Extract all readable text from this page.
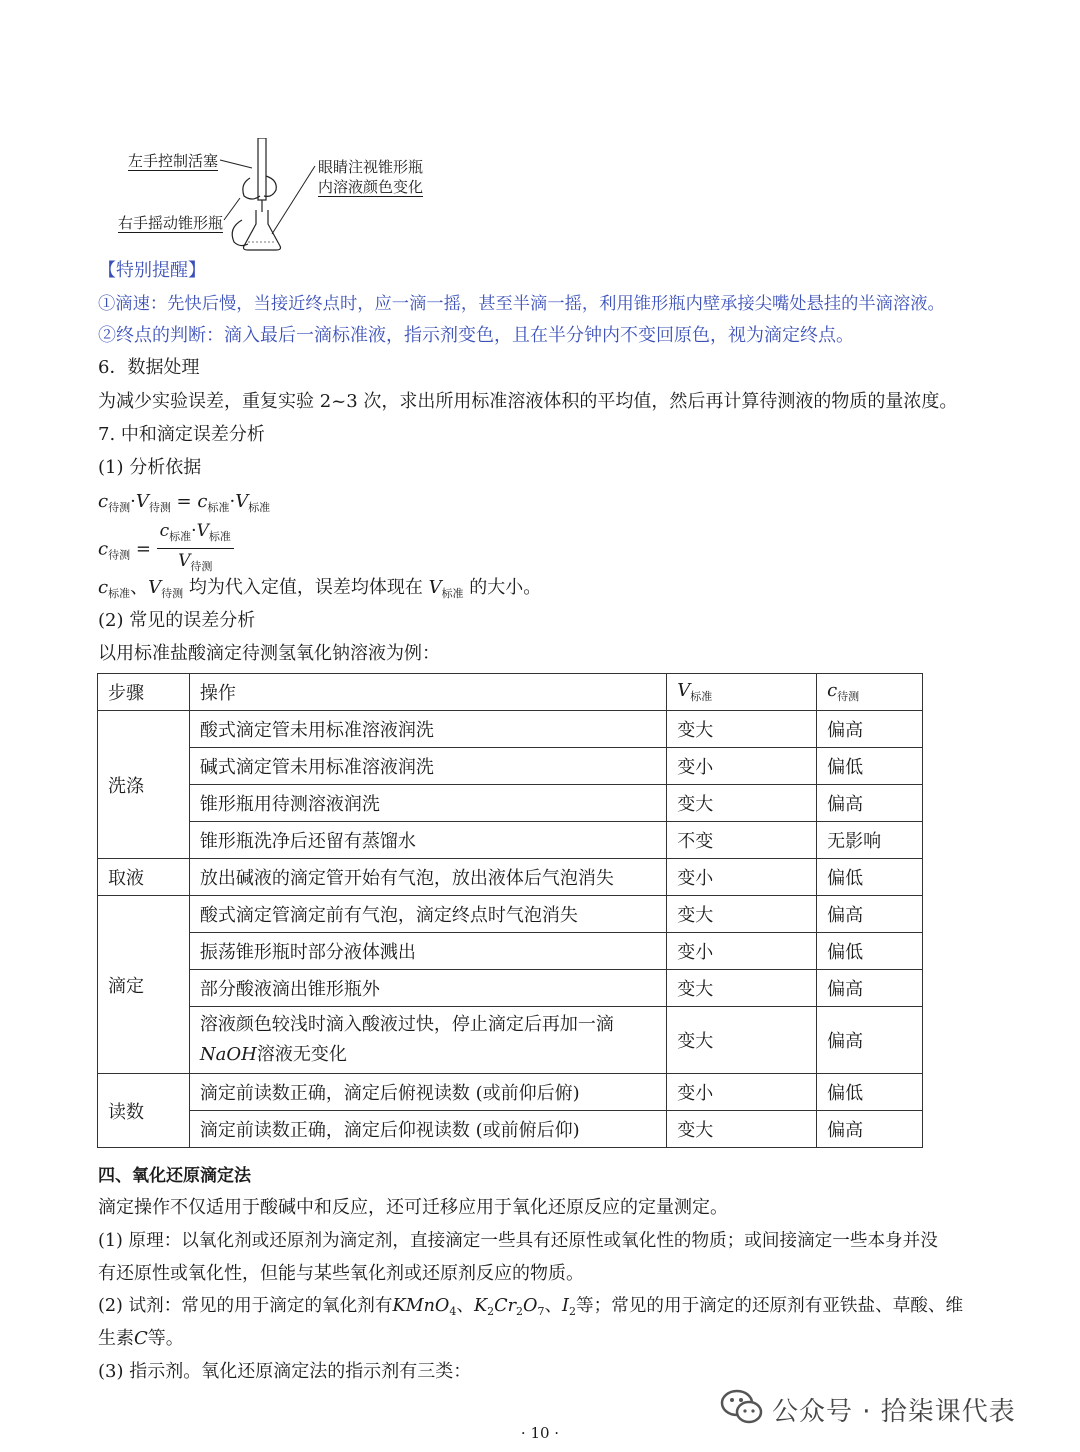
左手控制活塞
右手摇动锥形瓶
眼睛注视锥形瓶
内溶液颜色变化
【特别提醒】
①滴速：先快后慢，当接近终点时，应一滴一摇，甚至半滴一摇，利用锥形瓶内壁承接尖嘴处悬挂的半滴溶液。
②终点的判断：滴入最后一滴标准液，指示剂变色，且在半分钟内不变回原色，视为滴定终点。
6．数据处理
为减少实验误差，重复实验 2~3 次，求出所用标准溶液体积的平均值，然后再计算待测液的物质的量浓度。
7. 中和滴定误差分析
(1) 分析依据
$c_{待测}\cdot V_{待测} = c_{标准}\cdot V_{标准}$
$c_{待测} = \frac{c_{标准}\cdot V_{标准}}{V_{待测}}$
$c_{标准}$、$V_{待测}$ 均为代入定值，误差均体现在 $V_{标准}$ 的大小。
(2) 常见的误差分析
以用标准盐酸滴定待测氢氧化钠溶液为例：
步骤	操作	$V_{标准}$	$c_{待测}$
洗涤	酸式滴定管未用标准溶液润洗	变大	偏高
	碱式滴定管未用标准溶液润洗	变小	偏低
	锥形瓶用待测溶液润洗	变大	偏高
	锥形瓶洗净后还留有蒸馏水	不变	无影响
取液	放出碱液的滴定管开始有气泡，放出液体后气泡消失	变小	偏低
滴定	酸式滴定管滴定前有气泡，滴定终点时气泡消失	变大	偏高
	振荡锥形瓶时部分液体溅出	变小	偏低
	部分酸液滴出锥形瓶外	变大	偏高
	溶液颜色较浅时滴入酸液过快，停止滴定后再加一滴
NaOH溶液无变化	变大	偏高
读数	滴定前读数正确，滴定后俯视读数 (或前仰后俯)	变小	偏低
	滴定前读数正确，滴定后仰视读数 (或前俯后仰)	变大	偏高
四、氧化还原滴定法
滴定操作不仅适用于酸碱中和反应，还可迁移应用于氧化还原反应的定量测定。
(1) 原理：以氧化剂或还原剂为滴定剂，直接滴定一些具有还原性或氧化性的物质；或间接滴定一些本身并没
有还原性或氧化性，但能与某些氧化剂或还原剂反应的物质。
(2) 试剂：常见的用于滴定的氧化剂有KMnO$_4$、$K_2Cr_2O_7$、$I_2$等；常见的用于滴定的还原剂有亚铁盐、草酸、维
生素C等。
(3) 指示剂。氧化还原滴定法的指示剂有三类：
公众号 · 拾柒课代表
· 10 ·
